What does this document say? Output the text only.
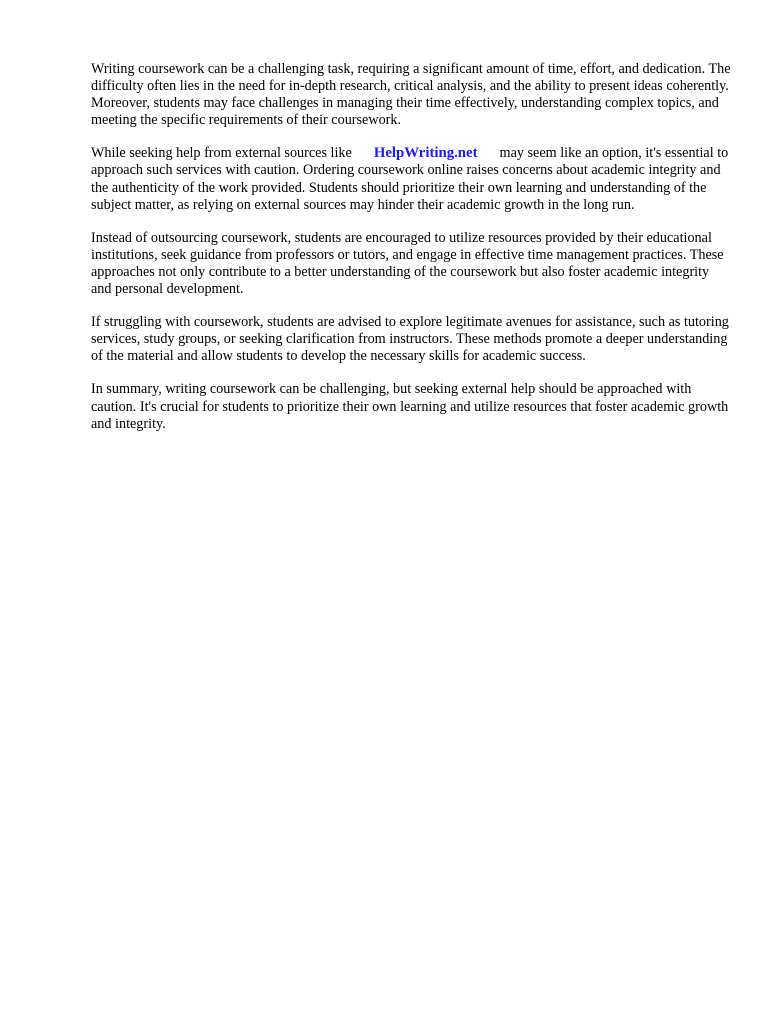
Writing coursework can be a challenging task, requiring a significant amount of time, effort, and dedication. The difficulty often lies in the need for in-depth research, critical analysis, and the ability to present ideas coherently. Moreover, students may face challenges in managing their time effectively, understanding complex topics, and meeting the specific requirements of their coursework.

While seeking help from external sources like HelpWriting.net may seem like an option, it's essential to approach such services with caution. Ordering coursework online raises concerns about academic integrity and the authenticity of the work provided. Students should prioritize their own learning and understanding of the subject matter, as relying on external sources may hinder their academic growth in the long run.

Instead of outsourcing coursework, students are encouraged to utilize resources provided by their educational institutions, seek guidance from professors or tutors, and engage in effective time management practices. These approaches not only contribute to a better understanding of the coursework but also foster academic integrity and personal development.

If struggling with coursework, students are advised to explore legitimate avenues for assistance, such as tutoring services, study groups, or seeking clarification from instructors. These methods promote a deeper understanding of the material and allow students to develop the necessary skills for academic success.

In summary, writing coursework can be challenging, but seeking external help should be approached with caution. It's crucial for students to prioritize their own learning and utilize resources that foster academic growth and integrity.
